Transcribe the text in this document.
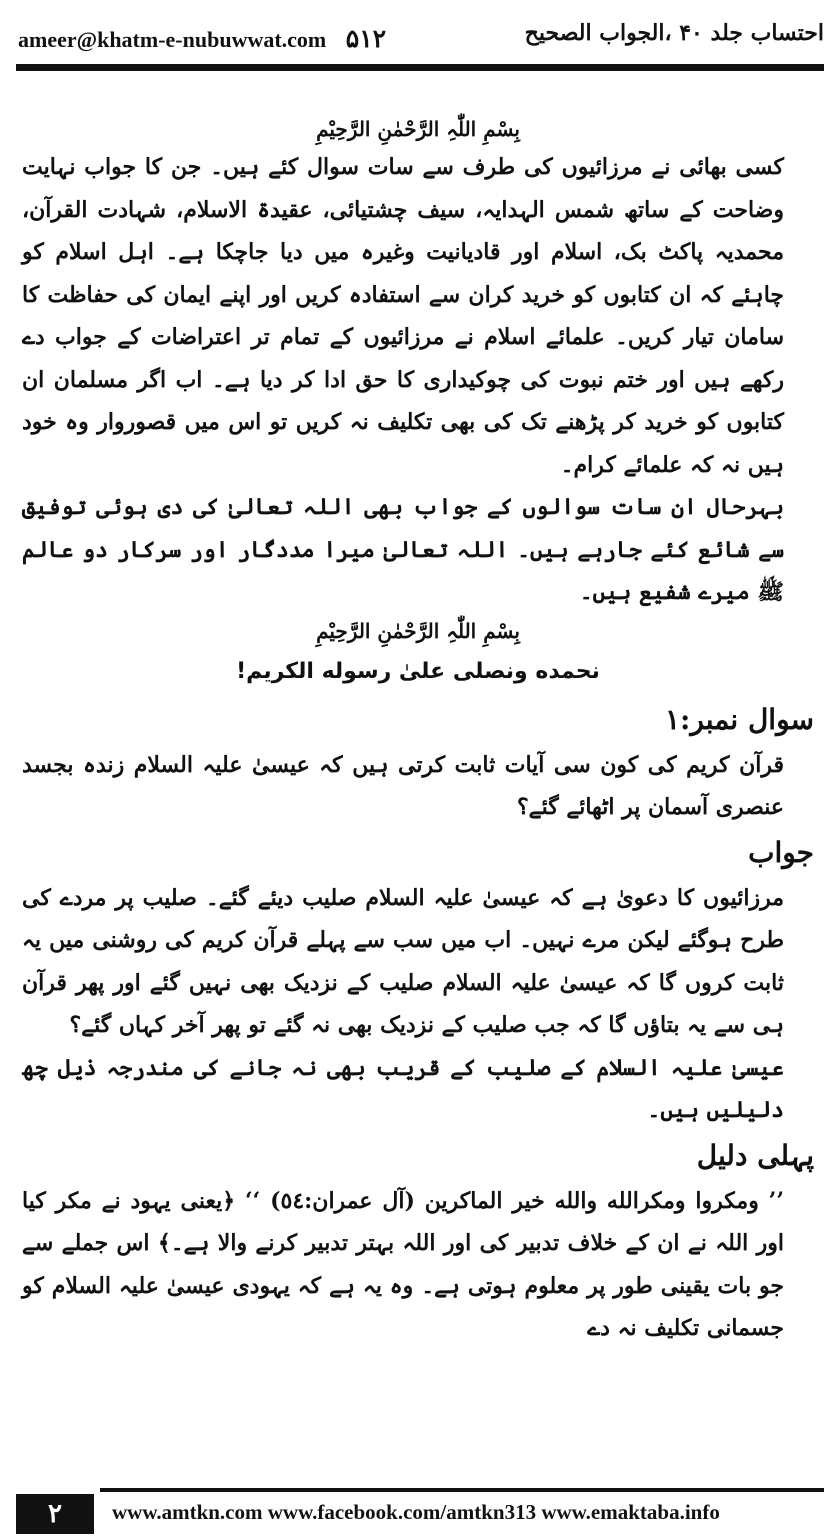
ameer@khatm-e-nubuwwat.com ۵۱۲	احتساب جلد ۴۰ ،الجواب الصحیح

بِسْمِ اللّٰہِ الرَّحْمٰنِ الرَّحِیْمِ

کسی بھائی نے مرزائیوں کی طرف سے سات سوال کئے ہیں۔ جن کا جواب نہایت وضاحت کے ساتھ شمس الہدایہ، سیف چشتیائی، عقیدۃ الاسلام، شہادت القرآن، محمدیہ پاکٹ بک، اسلام اور قادیانیت وغیرہ میں دیا جاچکا ہے۔ اہل اسلام کو چاہئے کہ ان کتابوں کو خرید کران سے استفادہ کریں اور اپنے ایمان کی حفاظت کا سامان تیار کریں۔ علمائے اسلام نے مرزائیوں کے تمام تر اعتراضات کے جواب دے رکھے ہیں اور ختم نبوت کی چوکیداری کا حق ادا کر دیا ہے۔ اب اگر مسلمان ان کتابوں کو خرید کر پڑھنے تک کی بھی تکلیف نہ کریں تو اس میں قصوروار وہ خود ہیں نہ کہ علمائے کرام۔

بہرحال ان سات سوالوں کے جواب بھی اللہ تعالیٰ کی دی ہوئی توفیق سے شائع کئے جارہے ہیں۔ اللہ تعالیٰ میرا مددگار اور سرکار دو عالم ﷺ میرے شفیع ہیں۔

بِسْمِ اللّٰہِ الرَّحْمٰنِ الرَّحِیْمِ

نحمده ونصلی علیٰ رسوله الکریم!

سوال نمبر:۱

قرآن کریم کی کون سی آیات ثابت کرتی ہیں کہ عیسیٰ علیہ السلام زندہ بجسد عنصری آسمان پر اٹھائے گئے؟

جواب

مرزائیوں کا دعویٰ ہے کہ عیسیٰ علیہ السلام صلیب دیئے گئے۔ صلیب پر مردے کی طرح ہوگئے لیکن مرے نہیں۔ اب میں سب سے پہلے قرآن کریم کی روشنی میں یہ ثابت کروں گا کہ عیسیٰ علیہ السلام صلیب کے نزدیک بھی نہیں گئے اور پھر قرآن ہی سے یہ بتاؤں گا کہ جب صلیب کے نزدیک بھی نہ گئے تو پھر آخر کہاں گئے؟

عیسیٰ علیہ السلام کے صلیب کے قریب بھی نہ جانے کی مندرجہ ذیل چھ دلیلیں ہیں۔

پہلی دلیل

’’ ومکروا ومکرالله والله خیر الماکرین (آل عمران:٥٤) ‘‘ ﴿یعنی یہود نے مکر کیا اور اللہ نے ان کے خلاف تدبیر کی اور اللہ بہتر تدبیر کرنے والا ہے۔﴾ اس جملے سے جو بات یقینی طور پر معلوم ہوتی ہے۔ وہ یہ ہے کہ یہودی عیسیٰ علیہ السلام کو جسمانی تکلیف نہ دے

۲	www.amtkn.com www.facebook.com/amtkn313 www.emaktaba.info
